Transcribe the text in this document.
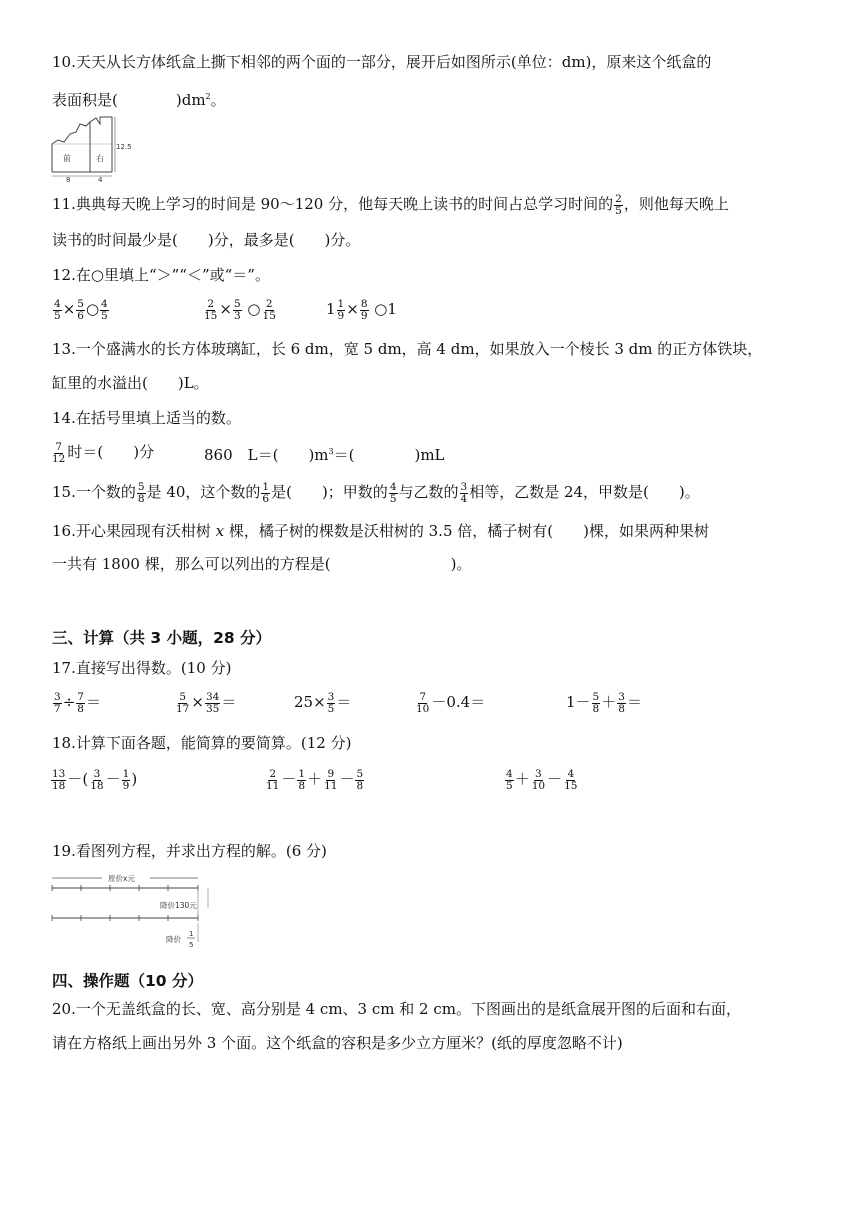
10.天天从长方体纸盒上撕下相邻的两个面的一部分，展开后如图所示(单位：dm)，原来这个纸盒的
表面积是(	)$dm^2$。
前	右
8	4
12.5
11.典典每天晚上学习的时间是 90～120 分，他每天晚上读书的时间占总学习时间的 $\frac{2}{5}$ ，则他每天晚上
读书的时间最少是(　　)分，最多是(　　)分。
12.在○里填上“＞”“＜”或“＝”。
$\frac{4}{5} \times \frac{5}{6}$ ○ $\frac{4}{5}$	$\frac{2}{15} \times \frac{5}{3}$ ○ $\frac{2}{15}$	$1 \frac{1}{9} \times \frac{8}{9}$ ○1
13.一个盛满水的长方体玻璃缸，长 6 dm，宽 5 dm，高 4 dm，如果放入一个棱长 3 dm 的正方体铁块，
缸里的水溢出(　　)L。
14.在括号里填上适当的数。
$\frac{7}{12}$ 时＝(　　)分	860　L＝(　　)$m^3=$(　　　　)mL
15.一个数的 $\frac{5}{8}$ 是 40，这个数的 $\frac{1}{6}$ 是(　　)；甲数的 $\frac{4}{5}$ 与乙数的 $\frac{3}{4}$ 相等，乙数是 24，甲数是(　　)。
16.开心果园现有沃柑树 x 棵，橘子树的棵数是沃柑树的 3.5 倍，橘子树有(　　)棵，如果两种果树
一共有 1800 棵，那么可以列出的方程是(　　　　　　　　)。
三、计算（共 3 小题，28 分）
17.直接写出得数。(10 分)
$\frac{3}{7} \div \frac{7}{8}$ ＝	$\frac{5}{17} \times \frac{34}{35}$ ＝	$25\times \frac{3}{5}$ ＝	$\frac{7}{10} -0.4=$	$1- \frac{5}{8} + \frac{3}{8}$ ＝
18.计算下面各题，能简算的要简算。(12 分)
$\frac{13}{18}$ －( $\frac{3}{18} - \frac{1}{9}$ )	$\frac{2}{11} - \frac{1}{8} + \frac{9}{11} - \frac{5}{8}$	$\frac{4}{5} + \frac{3}{10} - \frac{4}{15}$
19.看图列方程，并求出方程的解。(6 分)
原价x元
降价130元
降价
1
5
四、操作题（10 分）
20.一个无盖纸盒的长、宽、高分别是 4 cm、3 cm 和 2 cm。下图画出的是纸盒展开图的后面和右面，
请在方格纸上画出另外 3 个面。这个纸盒的容积是多少立方厘米？(纸的厚度忽略不计)
